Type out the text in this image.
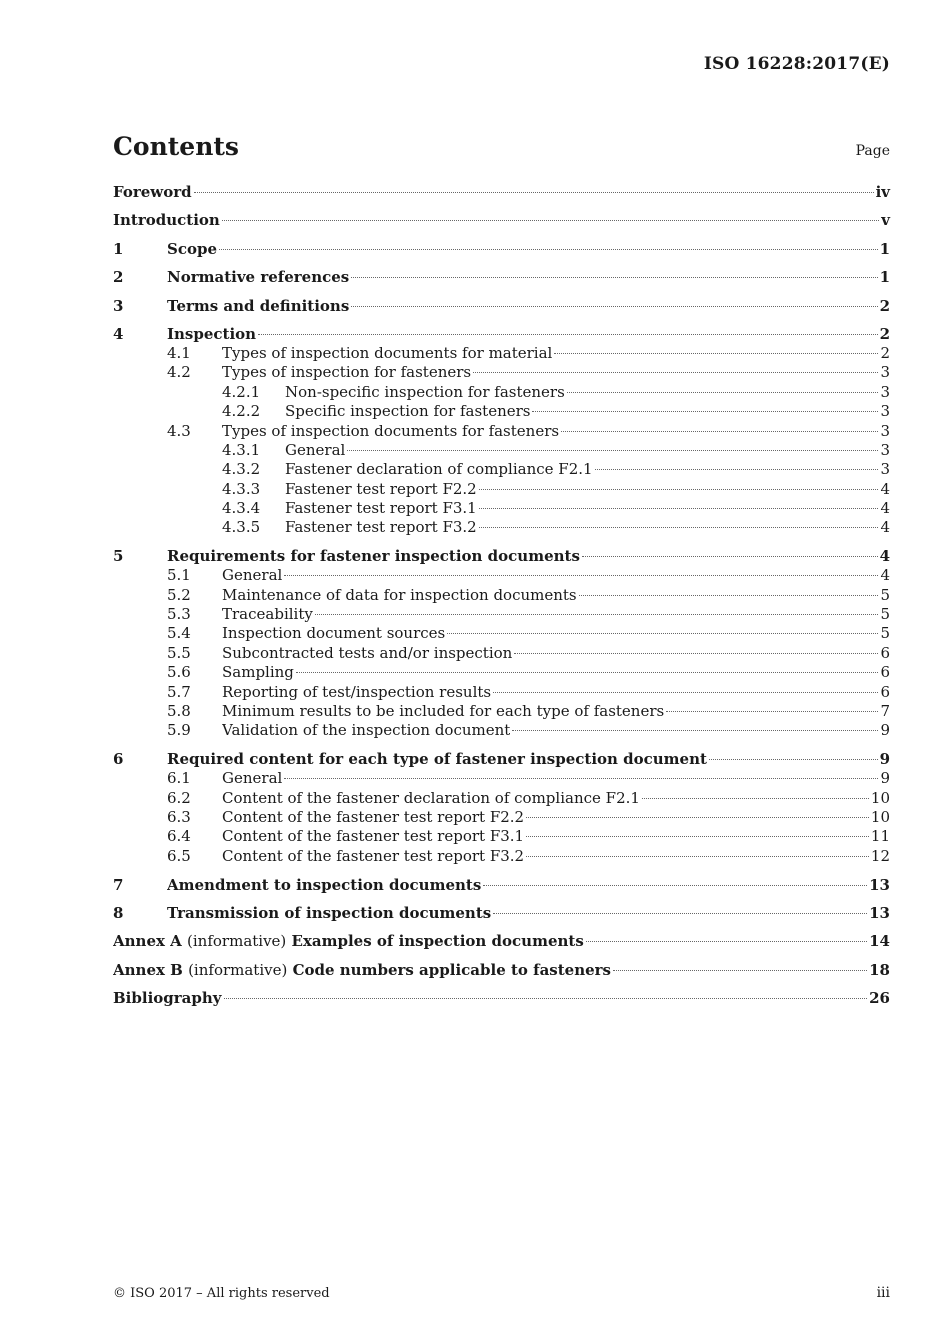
ISO 16228:2017(E)
Contents	Page
Foreword	iv
Introduction	v
1	Scope	1
2	Normative references	1
3	Terms and definitions	2
4	Inspection	2
4.1	Types of inspection documents for material	2
4.2	Types of inspection for fasteners	3
4.2.1	Non-specific inspection for fasteners	3
4.2.2	Specific inspection for fasteners	3
4.3	Types of inspection documents for fasteners	3
4.3.1	General	3
4.3.2	Fastener declaration of compliance F2.1	3
4.3.3	Fastener test report F2.2	4
4.3.4	Fastener test report F3.1	4
4.3.5	Fastener test report F3.2	4
5	Requirements for fastener inspection documents	4
5.1	General	4
5.2	Maintenance of data for inspection documents	5
5.3	Traceability	5
5.4	Inspection document sources	5
5.5	Subcontracted tests and/or inspection	6
5.6	Sampling	6
5.7	Reporting of test/inspection results	6
5.8	Minimum results to be included for each type of fasteners	7
5.9	Validation of the inspection document	9
6	Required content for each type of fastener inspection document	9
6.1	General	9
6.2	Content of the fastener declaration of compliance F2.1	10
6.3	Content of the fastener test report F2.2	10
6.4	Content of the fastener test report F3.1	11
6.5	Content of the fastener test report F3.2	12
7	Amendment to inspection documents	13
8	Transmission of inspection documents	13
Annex A (informative) Examples of inspection documents	14
Annex B (informative) Code numbers applicable to fasteners	18
Bibliography	26
© ISO 2017 – All rights reserved	iii
